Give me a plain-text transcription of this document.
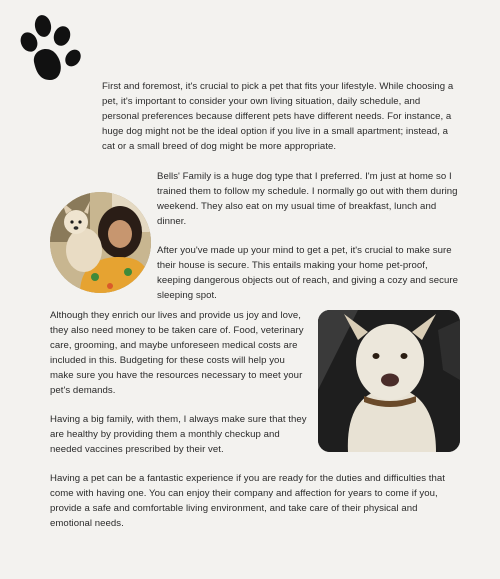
First and foremost, it's crucial to pick a pet that fits your lifestyle. While choosing a pet, it's important to consider your own living situation, daily schedule, and personal preferences because different pets have different needs. For instance, a huge dog might not be the ideal option if you live in a small apartment; instead, a cat or a small breed of dog might be more appropriate.

Bells' Family is a huge dog type that I preferred. I'm just at home so I trained them to follow my schedule. I normally go out with them during weekend. They also eat on my usual time of breakfast, lunch and dinner.

After you've made up your mind to get a pet, it's crucial to make sure their house is secure. This entails making your home pet-proof, keeping dangerous objects out of reach, and giving a cozy and secure sleeping spot.

Although they enrich our lives and provide us joy and love, they also need money to be taken care of. Food, veterinary care, grooming, and maybe unforeseen medical costs are included in this. Budgeting for these costs will help you make sure you have the resources necessary to meet your pet's demands.

Having a big family, with them, I always make sure that they are healthy by providing them a monthly checkup and needed vaccines prescribed by their vet.

Having a pet can be a fantastic experience if you are ready for the duties and difficulties that come with having one. You can enjoy their company and affection for years to come if you, provide a safe and comfortable living environment, and take care of their physical and emotional needs.
